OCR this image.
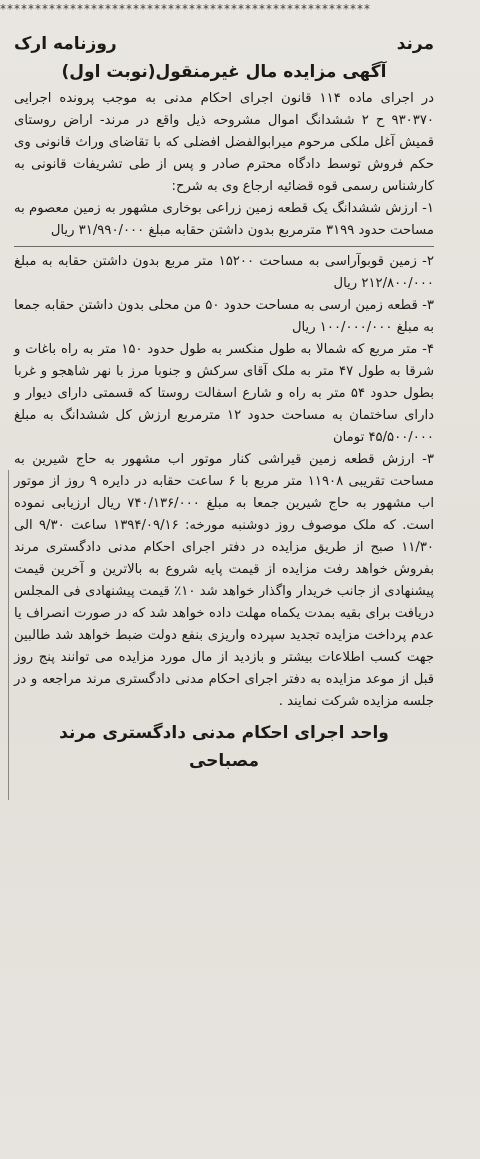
*****************************************************
مرند
روزنامه ارک
آگهی مزایده مال غیرمنقول(نوبت اول)

در اجرای ماده ۱۱۴ قانون اجرای احکام مدنی به موجب پرونده اجرایی ۹۳۰۳۷۰ ح ۲ ششدانگ اموال مشروحه ذیل واقع در مرند- اراض روستای قمیش آغل ملکی مرحوم میرابوالفضل افضلی که با تقاضای وراث قانونی وی حکم فروش توسط دادگاه محترم صادر و پس از طی تشریفات قانونی به کارشناس رسمی قوه قضائیه ارجاع وی به شرح:

۱- ارزش ششدانگ یک قطعه زمین زراعی بوخاری مشهور به زمین معصوم به مساحت حدود ۳۱۹۹ مترمربع بدون داشتن حقابه مبلغ ۳۱/۹۹۰/۰۰۰ ریال

۲- زمین قوبوآراسی به مساحت ۱۵۲۰۰ متر مربع بدون داشتن حقابه به مبلغ ۲۱۲/۸۰۰/۰۰۰ ریال

۳- قطعه زمین ارسی به مساحت حدود ۵۰ من محلی بدون داشتن حقابه جمعا به مبلغ ۱۰۰/۰۰۰/۰۰۰ ریال

۴- متر مربع که شمالا به طول منکسر به طول حدود ۱۵۰ متر به راه باغات و شرقا به طول ۴۷ متر به ملک آقای سرکش و جنوبا مرز با نهر شاهجو و غربا بطول حدود ۵۴ متر به راه و شارع اسفالت روستا که قسمتی دارای دیوار و دارای ساختمان به مساحت حدود ۱۲ مترمربع ارزش کل ششدانگ به مبلغ ۴۵/۵۰۰/۰۰۰ تومان

۳- ارزش قطعه زمین قیراشی کنار موتور اب مشهور به حاج شیرین به مساحت تقریبی ۱۱۹۰۸ متر مربع با ۶ ساعت حقابه در دایره ۹ روز از موتور اب مشهور به حاج شیرین جمعا به مبلغ ۷۴۰/۱۳۶/۰۰۰ ریال ارزیابی نموده است. که ملک موصوف روز دوشنبه مورخه: ۱۳۹۴/۰۹/۱۶ ساعت ۹/۳۰ الی ۱۱/۳۰ صبح از طریق مزایده در دفتر اجرای احکام مدنی دادگستری مرند بفروش خواهد رفت مزایده از قیمت پایه شروع به بالاترین و آخرین قیمت پیشنهادی از جانب خریدار واگذار خواهد شد ۱۰٪ قیمت پیشنهادی فی المجلس دریافت برای بقیه بمدت یکماه مهلت داده خواهد شد که در صورت انصراف یا عدم پرداخت مزایده تجدید سپرده واریزی بنفع دولت ضبط خواهد شد طالبین جهت کسب اطلاعات بیشتر و بازدید از مال مورد مزایده می توانند پنج روز قبل از موعد مزایده به دفتر اجرای احکام مدنی دادگستری مرند مراجعه و در جلسه مزایده شرکت نمایند .

واحد اجرای احکام مدنی دادگستری مرند
مصباحی
